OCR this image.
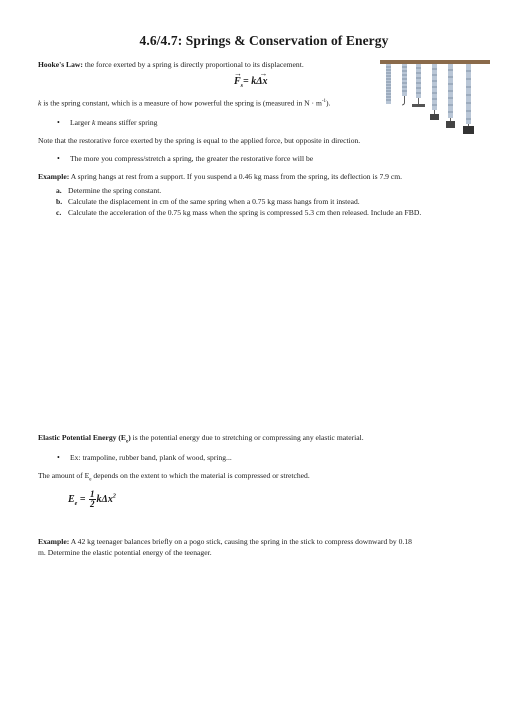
4.6/4.7: Springs & Conservation of Energy
Hooke's Law: the force exerted by a spring is directly proportional to its displacement.
→
$F_s= k\Delta x$
→
k is the spring constant, which is a measure of how powerful the spring is (measured in $N \cdot m^{-1}$).
• Larger k means stiffer spring
Note that the restorative force exerted by the spring is equal to the applied force, but opposite in direction.
• The more you compress/stretch a spring, the greater the restorative force will be
Example: A spring hangs at rest from a support. If you suspend a 0.46 kg mass from the spring, its deflection is 7.9 cm.
a. Determine the spring constant.
b. Calculate the displacement in cm of the same spring when a 0.75 kg mass hangs from it instead.
c. Calculate the acceleration of the 0.75 kg mass when the spring is compressed 5.3 cm then released. Include an FBD.
Elastic Potential Energy $(E_e)$ is the potential energy due to stretching or compressing any elastic material.
• Ex: trampoline, rubber band, plank of wood, spring...
The amount of $E_e$ depends on the extent to which the material is compressed or stretched.
$E_e = \frac{1}{2} k\Delta x^2$
Example: A 42 kg teenager balances briefly on a pogo stick, causing the spring in the stick to compress downward by 0.18
m. Determine the elastic potential energy of the teenager.
